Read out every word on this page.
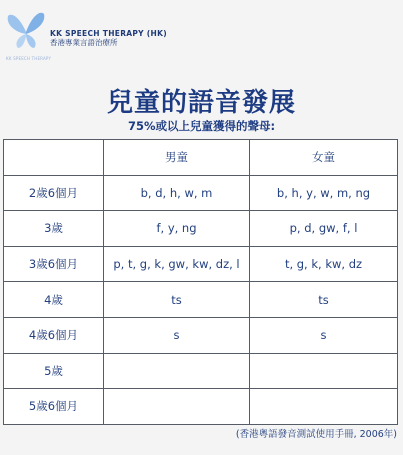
KK SPEECH THERAPY
KK SPEECH THERAPY (HK)
香港專業言語治療所
兒童的語音發展
75%或以上兒童獲得的聲母:
	男童	女童
2歲6個月	b, d, h, w, m	b, h, y, w, m, ng
3歲	f, y, ng	p, d, gw, f, l
3歲6個月	p, t, g, k, gw, kw, dz, l	t, g, k, kw, dz
4歲	ts	ts
4歲6個月	s	s
5歲		
5歲6個月		
(香港粵語發音測試使用手冊, 2006年)
